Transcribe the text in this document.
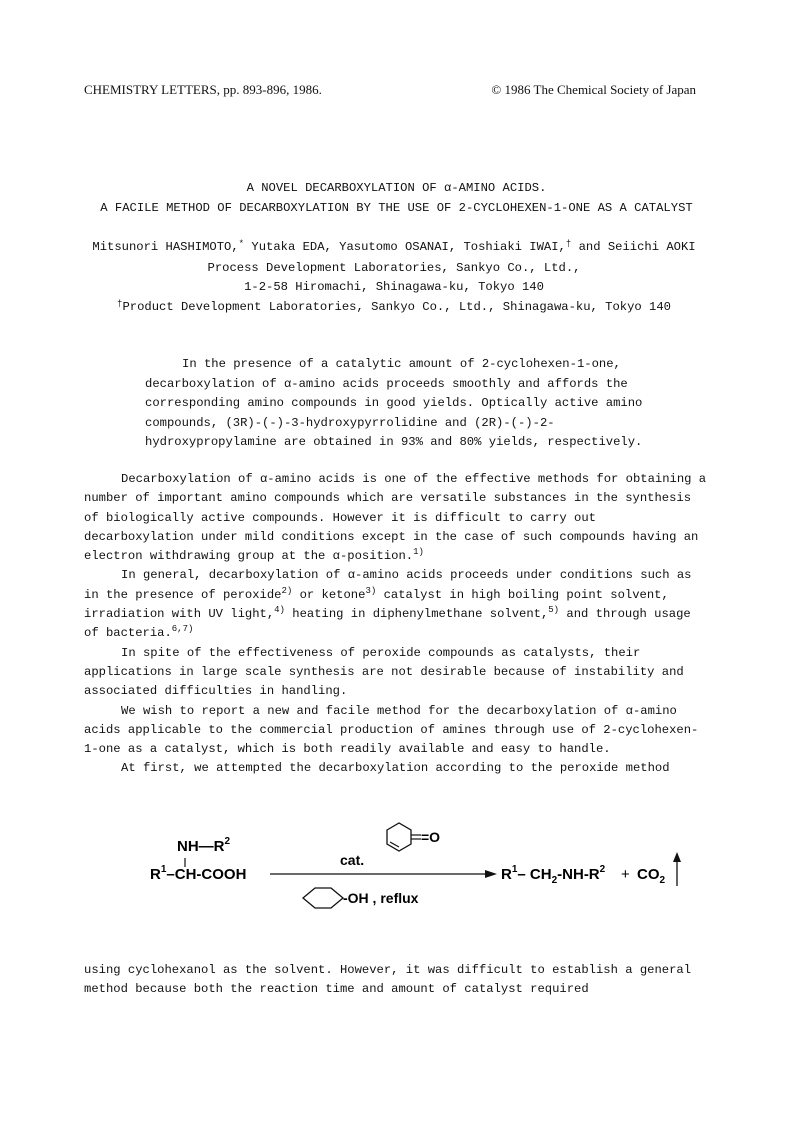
CHEMISTRY LETTERS, pp. 893-896, 1986.	© 1986 The Chemical Society of Japan
A NOVEL DECARBOXYLATION OF α-AMINO ACIDS.
A FACILE METHOD OF DECARBOXYLATION BY THE USE OF 2-CYCLOHEXEN-1-ONE AS A CATALYST
Mitsunori HASHIMOTO,* Yutaka EDA, Yasutomo OSANAI, Toshiaki IWAI,† and Seiichi AOKI
Process Development Laboratories, Sankyo Co., Ltd.,
1-2-58 Hiromachi, Shinagawa-ku, Tokyo 140
†Product Development Laboratories, Sankyo Co., Ltd., Shinagawa-ku, Tokyo 140
In the presence of a catalytic amount of 2-cyclohexen-1-one, decarboxylation of α-amino acids proceeds smoothly and affords the corresponding amino compounds in good yields. Optically active amino compounds, (3R)-(-)-3-hydroxypyrrolidine and (2R)-(-)-2-hydroxypropylamine are obtained in 93% and 80% yields, respectively.

Decarboxylation of α-amino acids is one of the effective methods for obtaining a number of important amino compounds which are versatile substances in the synthesis of biologically active compounds. However it is difficult to carry out decarboxylation under mild conditions except in the case of such compounds having an electron withdrawing group at the α-position.$^{1)}$

In general, decarboxylation of α-amino acids proceeds under conditions such as in the presence of peroxide$^{2)}$ or ketone$^{3)}$ catalyst in high boiling point solvent, irradiation with UV light,$^{4)}$ heating in diphenylmethane solvent,$^{5)}$ and through usage of bacteria.$^{6,7)}$

In spite of the effectiveness of peroxide compounds as catalysts, their applications in large scale synthesis are not desirable because of instability and associated difficulties in handling.

We wish to report a new and facile method for the decarboxylation of α-amino acids applicable to the commercial production of amines through use of 2-cyclohexen-1-one as a catalyst, which is both readily available and easy to handle.

At first, we attempted the decarboxylation according to the peroxide method

$NH—R^2$
$R^1-CH$-COOH
cat.
=O
-OH , reflux
$R^1-$ $CH_2-NH-R^2 + CO_2$
using cyclohexanol as the solvent. However, it was difficult to establish a general method because both the reaction time and amount of catalyst required
